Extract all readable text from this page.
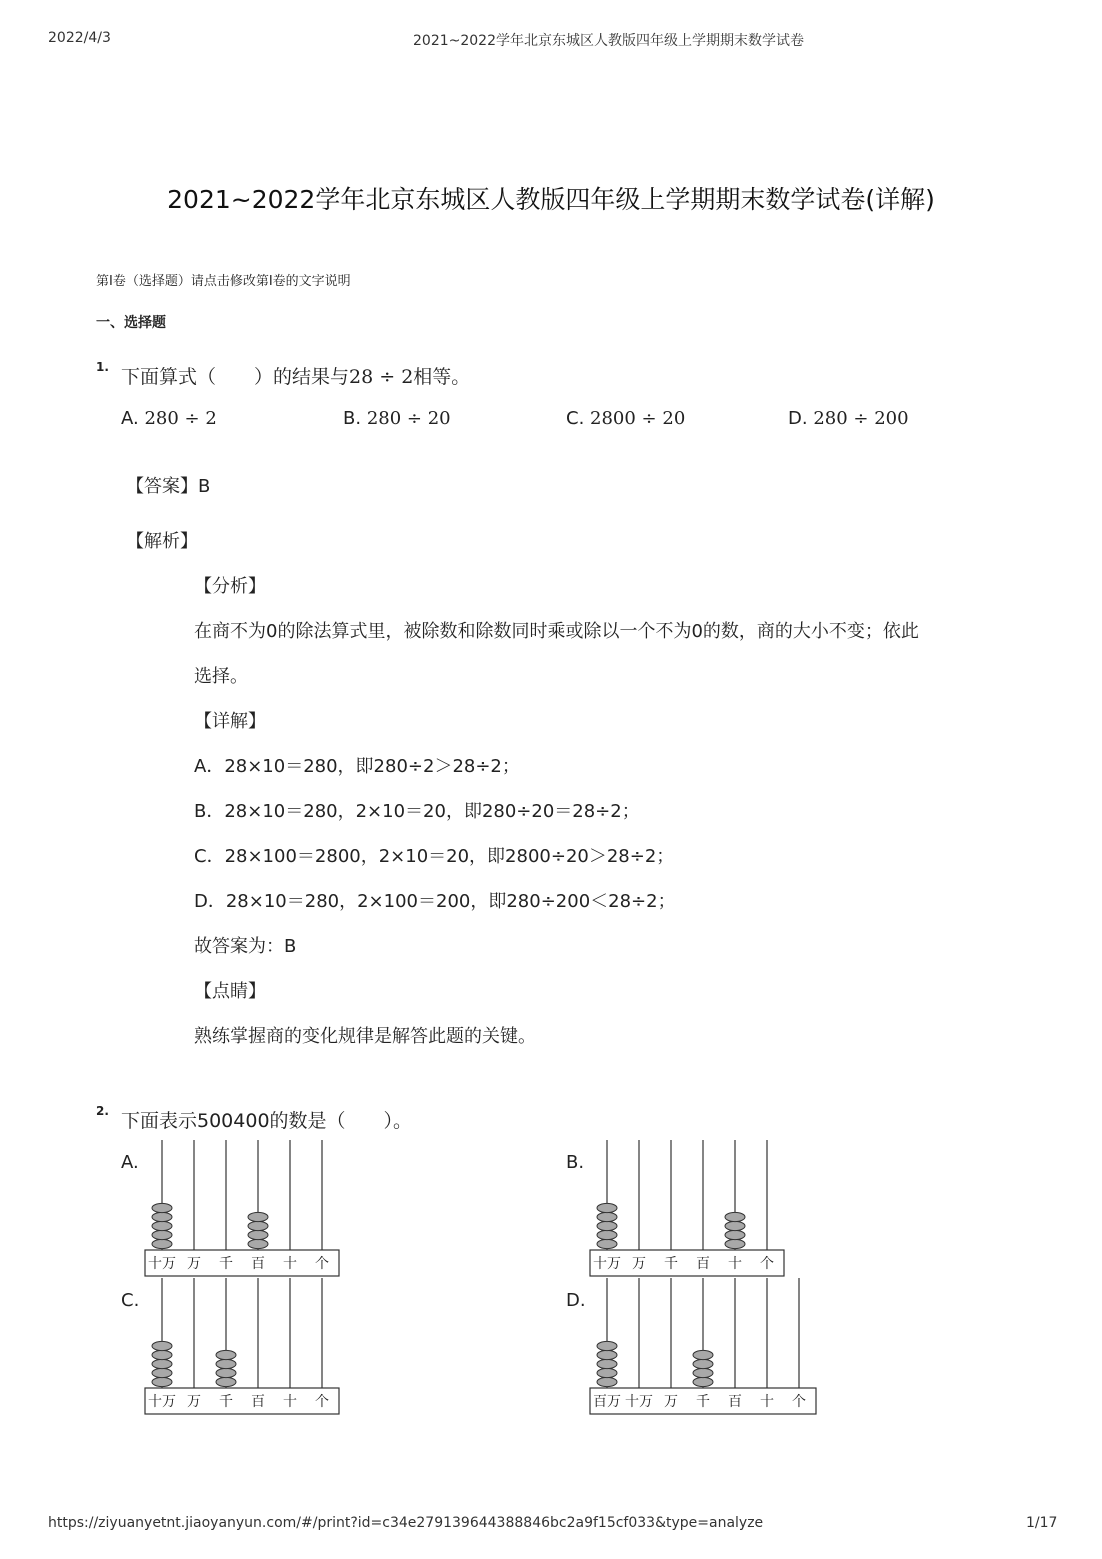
2022/4/3	2021~2022学年北京东城区人教版四年级上学期期末数学试卷
2021~2022学年北京东城区人教版四年级上学期期末数学试卷(详解)
第Ⅰ卷（选择题）请点击修改第Ⅰ卷的文字说明
一、选择题
1. 下面算式（　　）的结果与28 ÷ 2相等。
A. 280 ÷ 2	B. 280 ÷ 20	C. 2800 ÷ 20	D. 280 ÷ 200
【答案】B
【解析】
【分析】
在商不为0的除法算式里，被除数和除数同时乘或除以一个不为0的数，商的大小不变；依此
选择。
【详解】
A．28×10＝280，即280÷2＞28÷2；
B．28×10＝280，2×10＝20，即280÷20＝28÷2；
C．28×100＝2800，2×10＝20，即2800÷20＞28÷2；
D．28×10＝280，2×100＝200，即280÷200＜28÷2；
故答案为：B
【点睛】
熟练掌握商的变化规律是解答此题的关键。
2. 下面表示500400的数是（　　）。
A.	B.
C.	D.
十万 万 千 百 十 个	十万 万 千 百 十 个
十万 万 千 百 十 个	百万 十万 万 千 百 十 个
https://ziyuanyetnt.jiaoyanyun.com/#/print?id=c34e279139644388846bc2a9f15cf033&type=analyze	1/17
